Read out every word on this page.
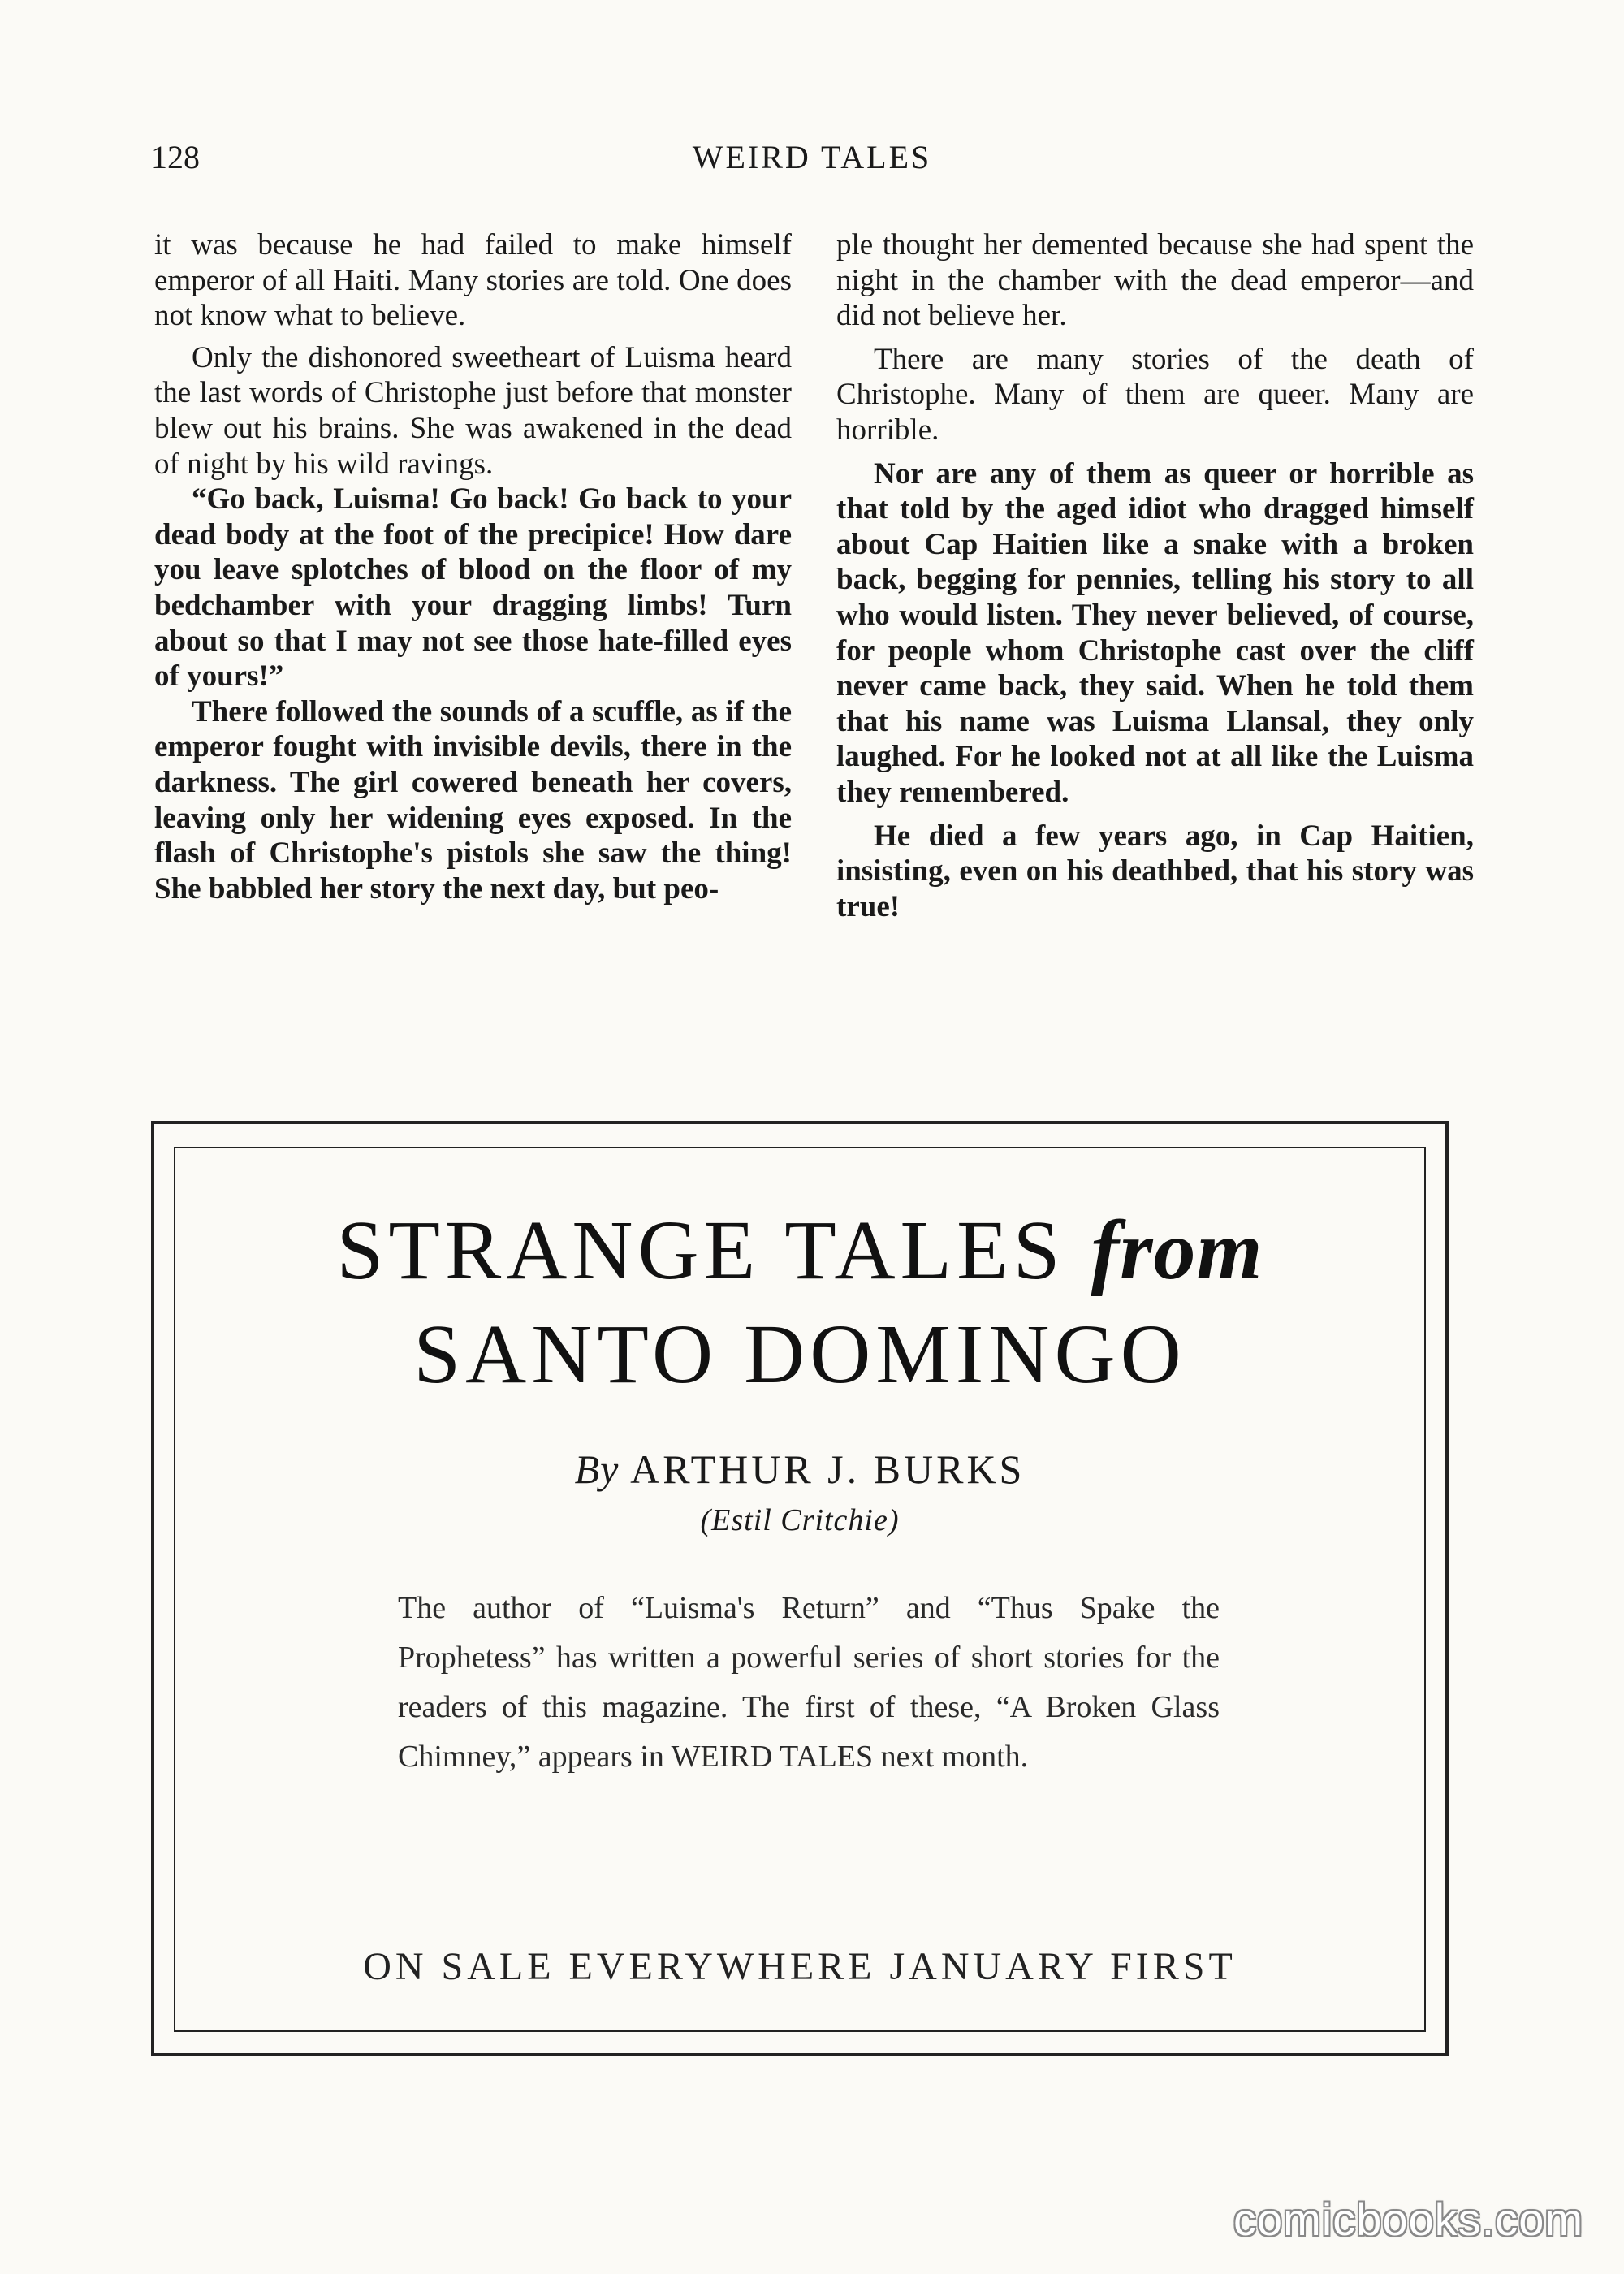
128	WEIRD TALES

it was because he had failed to make himself emperor of all Haiti. Many stories are told. One does not know what to believe.

Only the dishonored sweetheart of Luisma heard the last words of Christophe just before that monster blew out his brains. She was awakened in the dead of night by his wild ravings.

“Go back, Luisma! Go back! Go back to your dead body at the foot of the precipice! How dare you leave splotches of blood on the floor of my bedchamber with your dragging limbs! Turn about so that I may not see those hate-filled eyes of yours!”

There followed the sounds of a scuffle, as if the emperor fought with invisible devils, there in the darkness. The girl cowered beneath her covers, leaving only her widening eyes exposed. In the flash of Christophe's pistols she saw the thing! She babbled her story the next day, but peo-

ple thought her demented because she had spent the night in the chamber with the dead emperor—and did not believe her.

There are many stories of the death of Christophe. Many of them are queer. Many are horrible.

Nor are any of them as queer or horrible as that told by the aged idiot who dragged himself about Cap Haitien like a snake with a broken back, begging for pennies, telling his story to all who would listen. They never believed, of course, for people whom Christophe cast over the cliff never came back, they said. When he told them that his name was Luisma Llansal, they only laughed. For he looked not at all like the Luisma they remembered.

He died a few years ago, in Cap Haitien, insisting, even on his deathbed, that his story was true!

STRANGE TALES from
SANTO DOMINGO
By ARTHUR J. BURKS
(Estil Critchie)
The author of “Luisma's Return” and “Thus Spake the Prophetess” has written a powerful series of short stories for the readers of this magazine. The first of these, “A Broken Glass Chimney,” appears in WEIRD TALES next month.
ON SALE EVERYWHERE JANUARY FIRST
comicbooks.com
